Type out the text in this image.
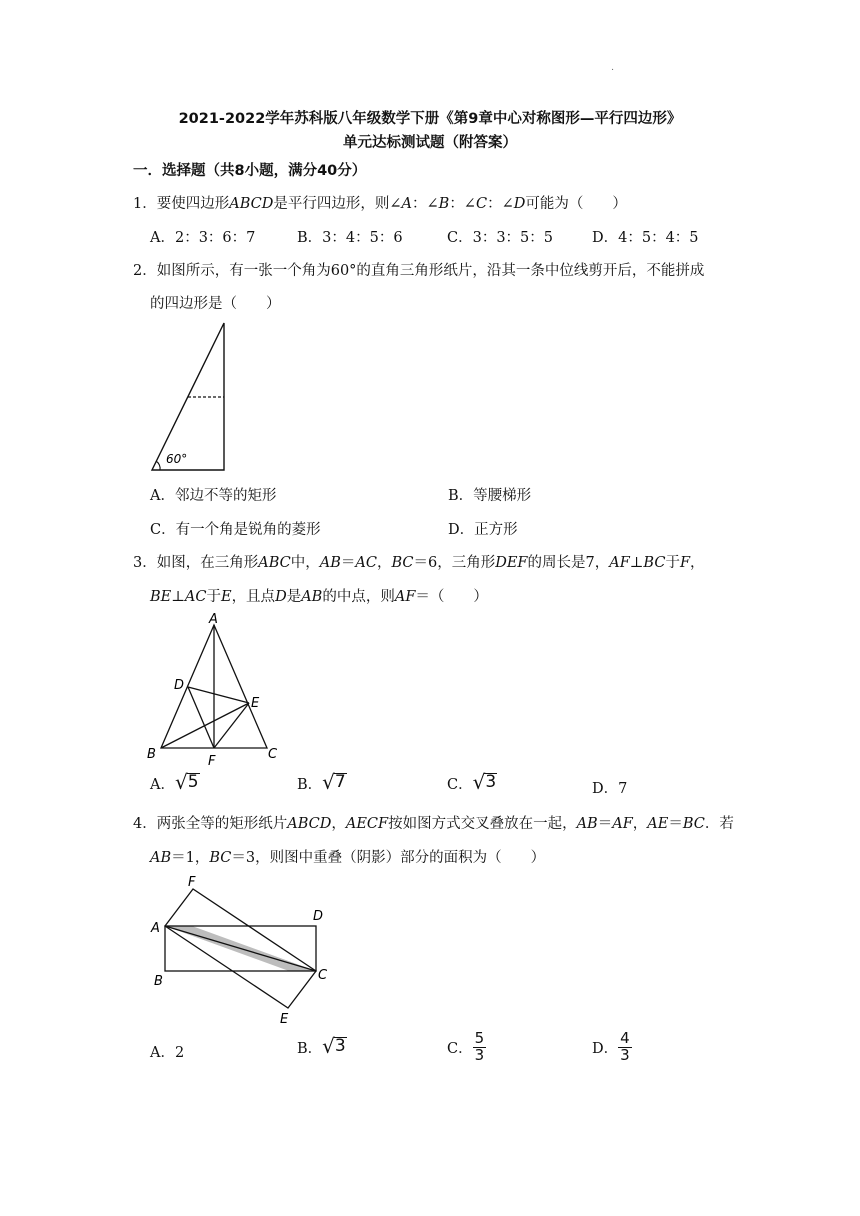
.
2021-2022学年苏科版八年级数学下册《第9章中心对称图形—平行四边形》
单元达标测试题（附答案）
一．选择题（共8小题，满分40分）
1．要使四边形ABCD是平行四边形，则∠A：∠B：∠C：∠D可能为（　　）
A．2：3：6：7	B．3：4：5：6	C．3：3：5：5	D．4：5：4：5
2．如图所示，有一张一个角为60°的直角三角形纸片，沿其一条中位线剪开后，不能拼成
的四边形是（　　）
60°
A．邻边不等的矩形	B．等腰梯形
C．有一个角是锐角的菱形	D．正方形
3．如图，在三角形ABC中，AB＝AC，BC＝6，三角形DEF的周长是7，AF⊥BC于F，
BE⊥AC于E，且点D是AB的中点，则AF＝（　　）
A
B	C
D
E
F
A． √ 5	B． √ 7	C． √ 3	D．7
4．两张全等的矩形纸片ABCD，AECF按如图方式交叉叠放在一起，AB＝AF，AE＝BC．若
AB＝1，BC＝3，则图中重叠（阴影）部分的面积为（　　）
F
D
A
B	C
E
A．2	B． √ 3	C． $\frac{5}{3}$	D． $\frac{4}{3}$
